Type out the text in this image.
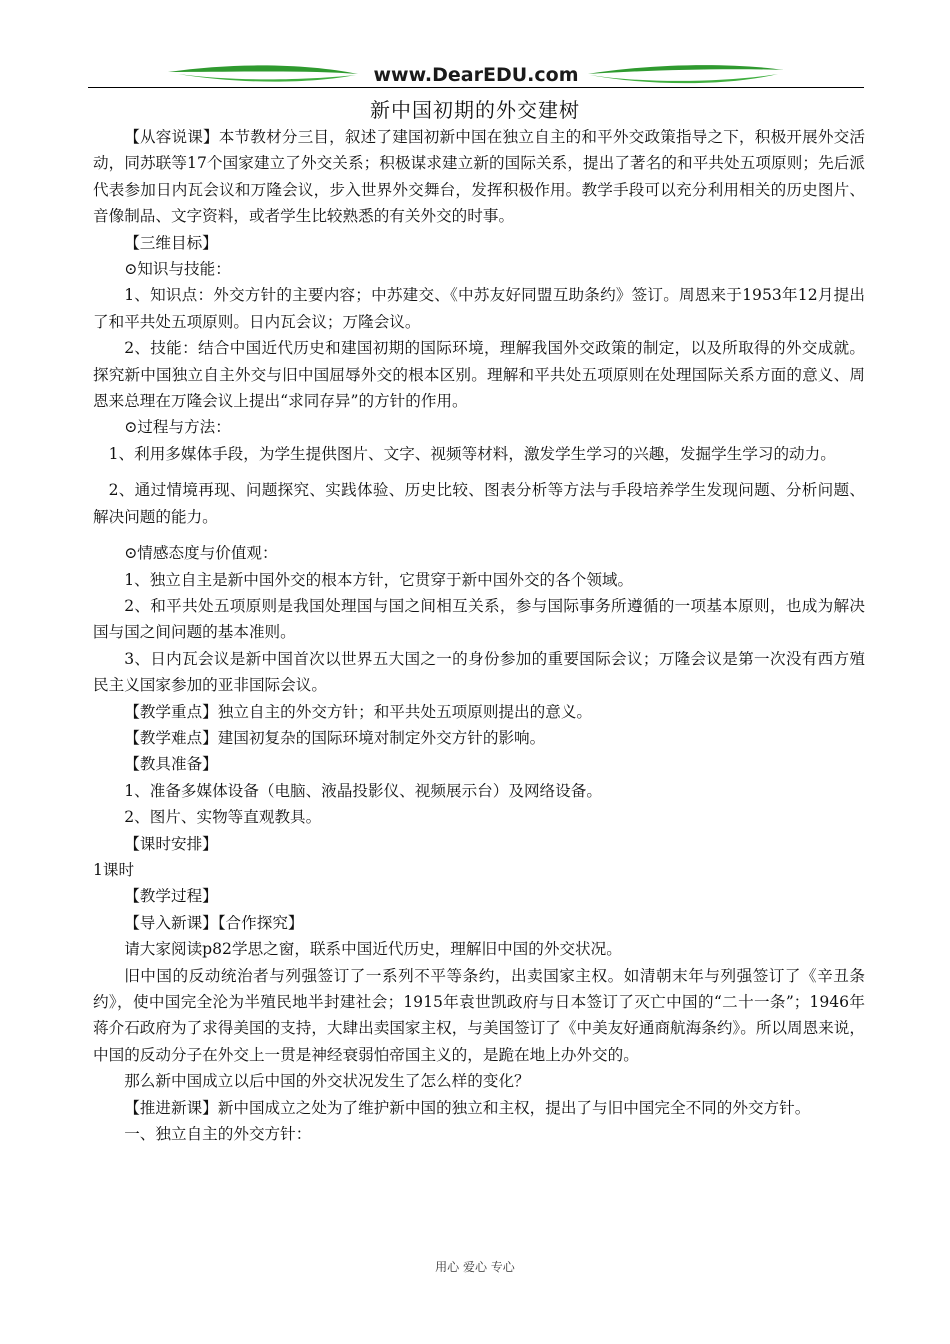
www.DearEDU.com
新中国初期的外交建树

【从容说课】本节教材分三目，叙述了建国初新中国在独立自主的和平外交政策指导之下，积极开展外交活动，同苏联等17个国家建立了外交关系；积极谋求建立新的国际关系，提出了著名的和平共处五项原则；先后派代表参加日内瓦会议和万隆会议，步入世界外交舞台，发挥积极作用。教学手段可以充分利用相关的历史图片、音像制品、文字资料，或者学生比较熟悉的有关外交的时事。

【三维目标】

⊙知识与技能：

1、知识点：外交方针的主要内容；中苏建交、《中苏友好同盟互助条约》签订。周恩来于1953年12月提出了和平共处五项原则。日内瓦会议；万隆会议。

2、技能：结合中国近代历史和建国初期的国际环境，理解我国外交政策的制定，以及所取得的外交成就。探究新中国独立自主外交与旧中国屈辱外交的根本区别。理解和平共处五项原则在处理国际关系方面的意义、周恩来总理在万隆会议上提出“求同存异”的方针的作用。

⊙过程与方法：

1、利用多媒体手段，为学生提供图片、文字、视频等材料，激发学生学习的兴趣，发掘学生学习的动力。

2、通过情境再现、问题探究、实践体验、历史比较、图表分析等方法与手段培养学生发现问题、分析问题、解决问题的能力。

⊙情感态度与价值观：

1、独立自主是新中国外交的根本方针，它贯穿于新中国外交的各个领域。

2、和平共处五项原则是我国处理国与国之间相互关系，参与国际事务所遵循的一项基本原则，也成为解决国与国之间问题的基本准则。

3、日内瓦会议是新中国首次以世界五大国之一的身份参加的重要国际会议；万隆会议是第一次没有西方殖民主义国家参加的亚非国际会议。

【教学重点】独立自主的外交方针；和平共处五项原则提出的意义。

【教学难点】建国初复杂的国际环境对制定外交方针的影响。

【教具准备】

1、准备多媒体设备（电脑、液晶投影仪、视频展示台）及网络设备。

2、图片、实物等直观教具。

【课时安排】

1课时

【教学过程】

【导入新课】【合作探究】

请大家阅读p82学思之窗，联系中国近代历史，理解旧中国的外交状况。

旧中国的反动统治者与列强签订了一系列不平等条约，出卖国家主权。如清朝末年与列强签订了《辛丑条约》，使中国完全沦为半殖民地半封建社会；1915年袁世凯政府与日本签订了灭亡中国的“二十一条”；1946年蒋介石政府为了求得美国的支持，大肆出卖国家主权，与美国签订了《中美友好通商航海条约》。所以周恩来说，中国的反动分子在外交上一贯是神经衰弱怕帝国主义的，是跪在地上办外交的。

那么新中国成立以后中国的外交状况发生了怎么样的变化？

【推进新课】新中国成立之处为了维护新中国的独立和主权，提出了与旧中国完全不同的外交方针。

一、独立自主的外交方针：

用心 爱心 专心
